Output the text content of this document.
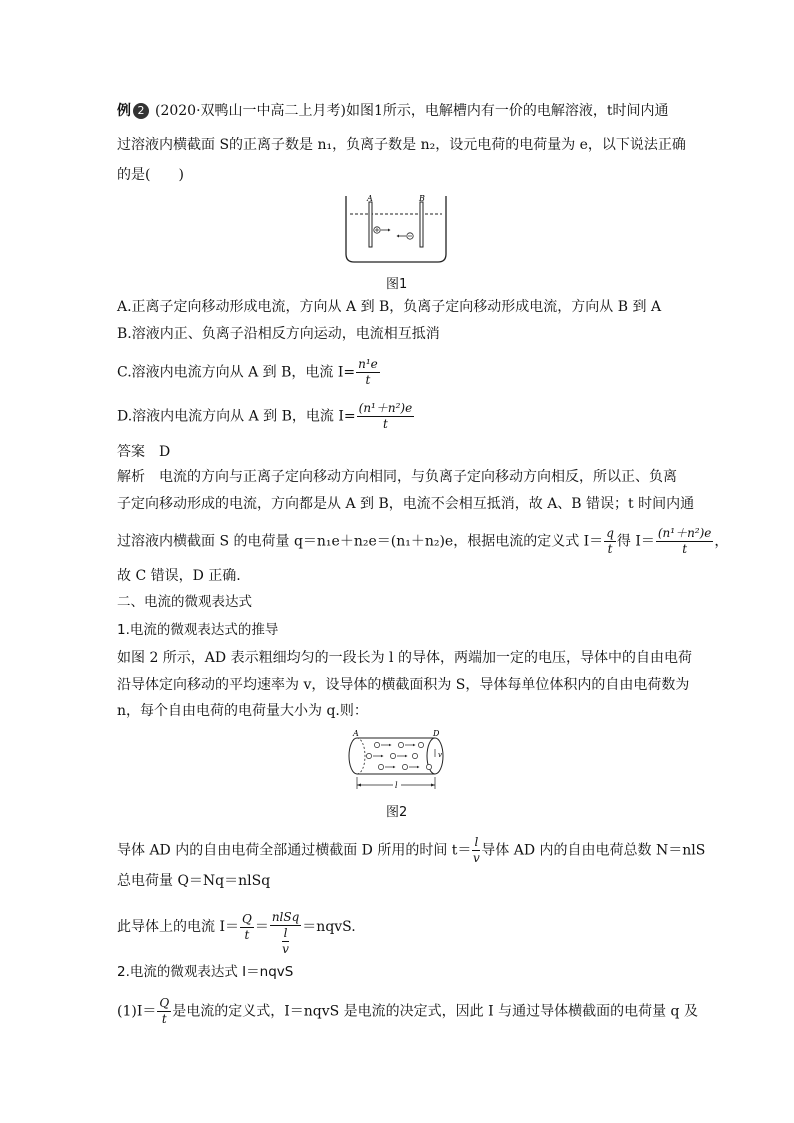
例 2 (2020·双鸭山一中高二上月考)如图1所示，电解槽内有一价的电解溶液，t时间内通
过溶液内横截面 S的正离子数是 n₁，负离子数是 n₂，设元电荷的电荷量为 e，以下说法正确
的是(　　)
A	B
图1
A.正离子定向移动形成电流，方向从 A 到 B，负离子定向移动形成电流，方向从 B 到 A
B.溶液内正、负离子沿相反方向运动，电流相互抵消
C.溶液内电流方向从 A 到 B，电流 $I= \frac{\text{n¹e}}{t}$
D.溶液内电流方向从 A 到 B，电流 $I= \frac{\text{(n¹＋n²)e}}{t}$
答案　D
解析　电流的方向与正离子定向移动方向相同，与负离子定向移动方向相反，所以正、负离
子定向移动形成的电流，方向都是从 A 到 B，电流不会相互抵消，故 A、B 错误；t 时间内通
过溶液内横截面 S 的电荷量 q＝n₁e＋n₂e＝(n₁＋n₂)e，根据电流的定义式 $I= \frac{q}{t}$ 得 $I= \frac{\text{(n¹＋n²)e}}{t}$ ，
故 C 错误，D 正确.
二、电流的微观表达式
1.电流的微观表达式的推导
如图 2 所示，AD 表示粗细均匀的一段长为 l 的导体，两端加一定的电压，导体中的自由电荷
沿导体定向移动的平均速率为 v，设导体的横截面积为 S，导体每单位体积内的自由电荷数为
n，每个自由电荷的电荷量大小为 q.则：
A	D
v
l
图2
导体 AD 内的自由电荷全部通过横截面 D 所用的时间 $t= \frac{l}{v}$ 导体 AD 内的自由电荷总数 N＝nlS
总电荷量 Q＝Nq＝nlSq
此导体上的电流 $I= \frac{Q}{t} = \frac{\text{nlSq}}{\frac{l}{v}}$ ＝nqvS.
2.电流的微观表达式 I＝nqvS
$(1)I= \frac{Q}{t}$ 是电流的定义式，I＝nqvS 是电流的决定式，因此 I 与通过导体横截面的电荷量 q 及
